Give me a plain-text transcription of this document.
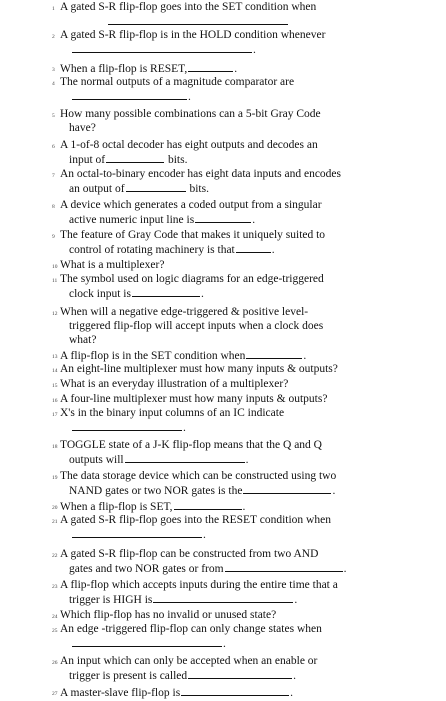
1 A gated S-R flip-flop goes into the SET condition when
2 A gated S-R flip-flop is in the HOLD condition whenever
.
3 When a flip-flop is RESET,	.
4 The normal outputs of a magnitude comparator are
.
5 How many possible combinations can a 5-bit Gray Code
have?
6 A 1-of-8 octal decoder has eight outputs and decodes an
input of	bits.
7 An octal-to-binary encoder has eight data inputs and encodes
an output of	bits.
8 A device which generates a coded output from a singular
active numeric input line is	.
9 The feature of Gray Code that makes it uniquely suited to
control of rotating machinery is that	.
10 What is a multiplexer?
11 The symbol used on logic diagrams for an edge-triggered
clock input is	.
12 When will a negative edge-triggered & positive level-
triggered flip-flop will accept inputs when a clock does
what?
13 A flip-flop is in the SET condition when	.
14 An eight-line multiplexer must how many inputs & outputs?
15 What is an everyday illustration of a multiplexer?
16 A four-line multiplexer must how many inputs & outputs?
17 X's in the binary input columns of an IC indicate
.
18 TOGGLE state of a J-K flip-flop means that the Q and Q
outputs will	.
19 The data storage device which can be constructed using two
NAND gates or two NOR gates is the	.
20 When a flip-flop is SET,	.
21 A gated S-R flip-flop goes into the RESET condition when
.
22 A gated S-R flip-flop can be constructed from two AND
gates and two NOR gates or from	.
23 A flip-flop which accepts inputs during the entire time that a
trigger is HIGH is	.
24 Which flip-flop has no invalid or unused state?
25 An edge -triggered flip-flop can only change states when
.
26 An input which can only be accepted when an enable or
trigger is present is called	.
27 A master-slave flip-flop is	.
